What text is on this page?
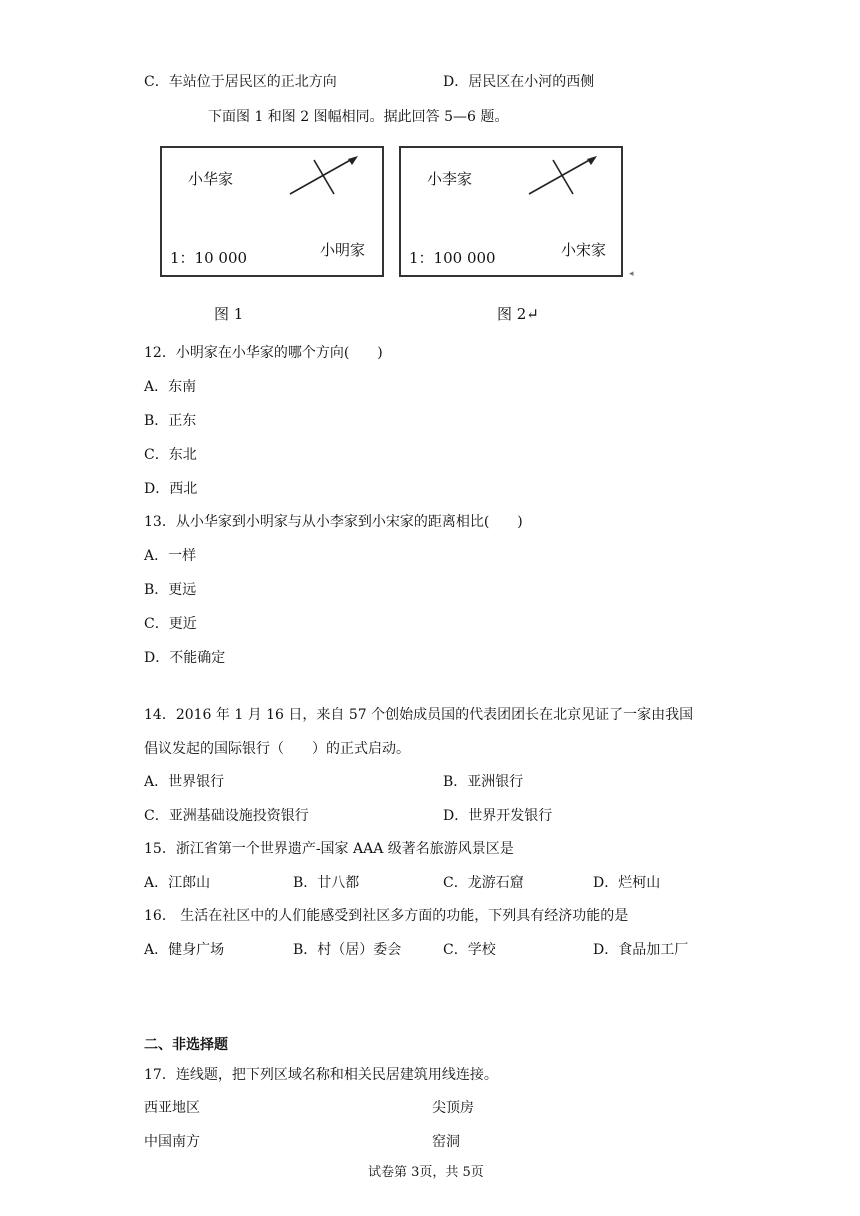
C．车站位于居民区的正北方向	D．居民区在小河的西侧
下面图 1 和图 2 图幅相同。据此回答 5—6 题。
小华家
1：10 000	小明家
图 1
小李家
1：100 000	小宋家
◂
图 2↵
12．小明家在小华家的哪个方向(　　)
A．东南
B．正东
C．东北
D．西北
13．从小华家到小明家与从小李家到小宋家的距离相比(　　)
A．一样
B．更远
C．更近
D．不能确定
14．2016 年 1 月 16 日，来自 57 个创始成员国的代表团团长在北京见证了一家由我国
倡议发起的国际银行（　　）的正式启动。
A．世界银行	B．亚洲银行
C．亚洲基础设施投资银行	D．世界开发银行
15．浙江省第一个世界遗产-国家 AAA 级著名旅游风景区是
A．江郎山	B．廿八都	C．龙游石窟	D．烂柯山
16． 生活在社区中的人们能感受到社区多方面的功能，下列具有经济功能的是
A．健身广场	B．村（居）委会	C．学校	D．食品加工厂
二、非选择题
17．连线题，把下列区域名称和相关民居建筑用线连接。
西亚地区	尖顶房
中国南方	窑洞
试卷第 3页，共 5页
